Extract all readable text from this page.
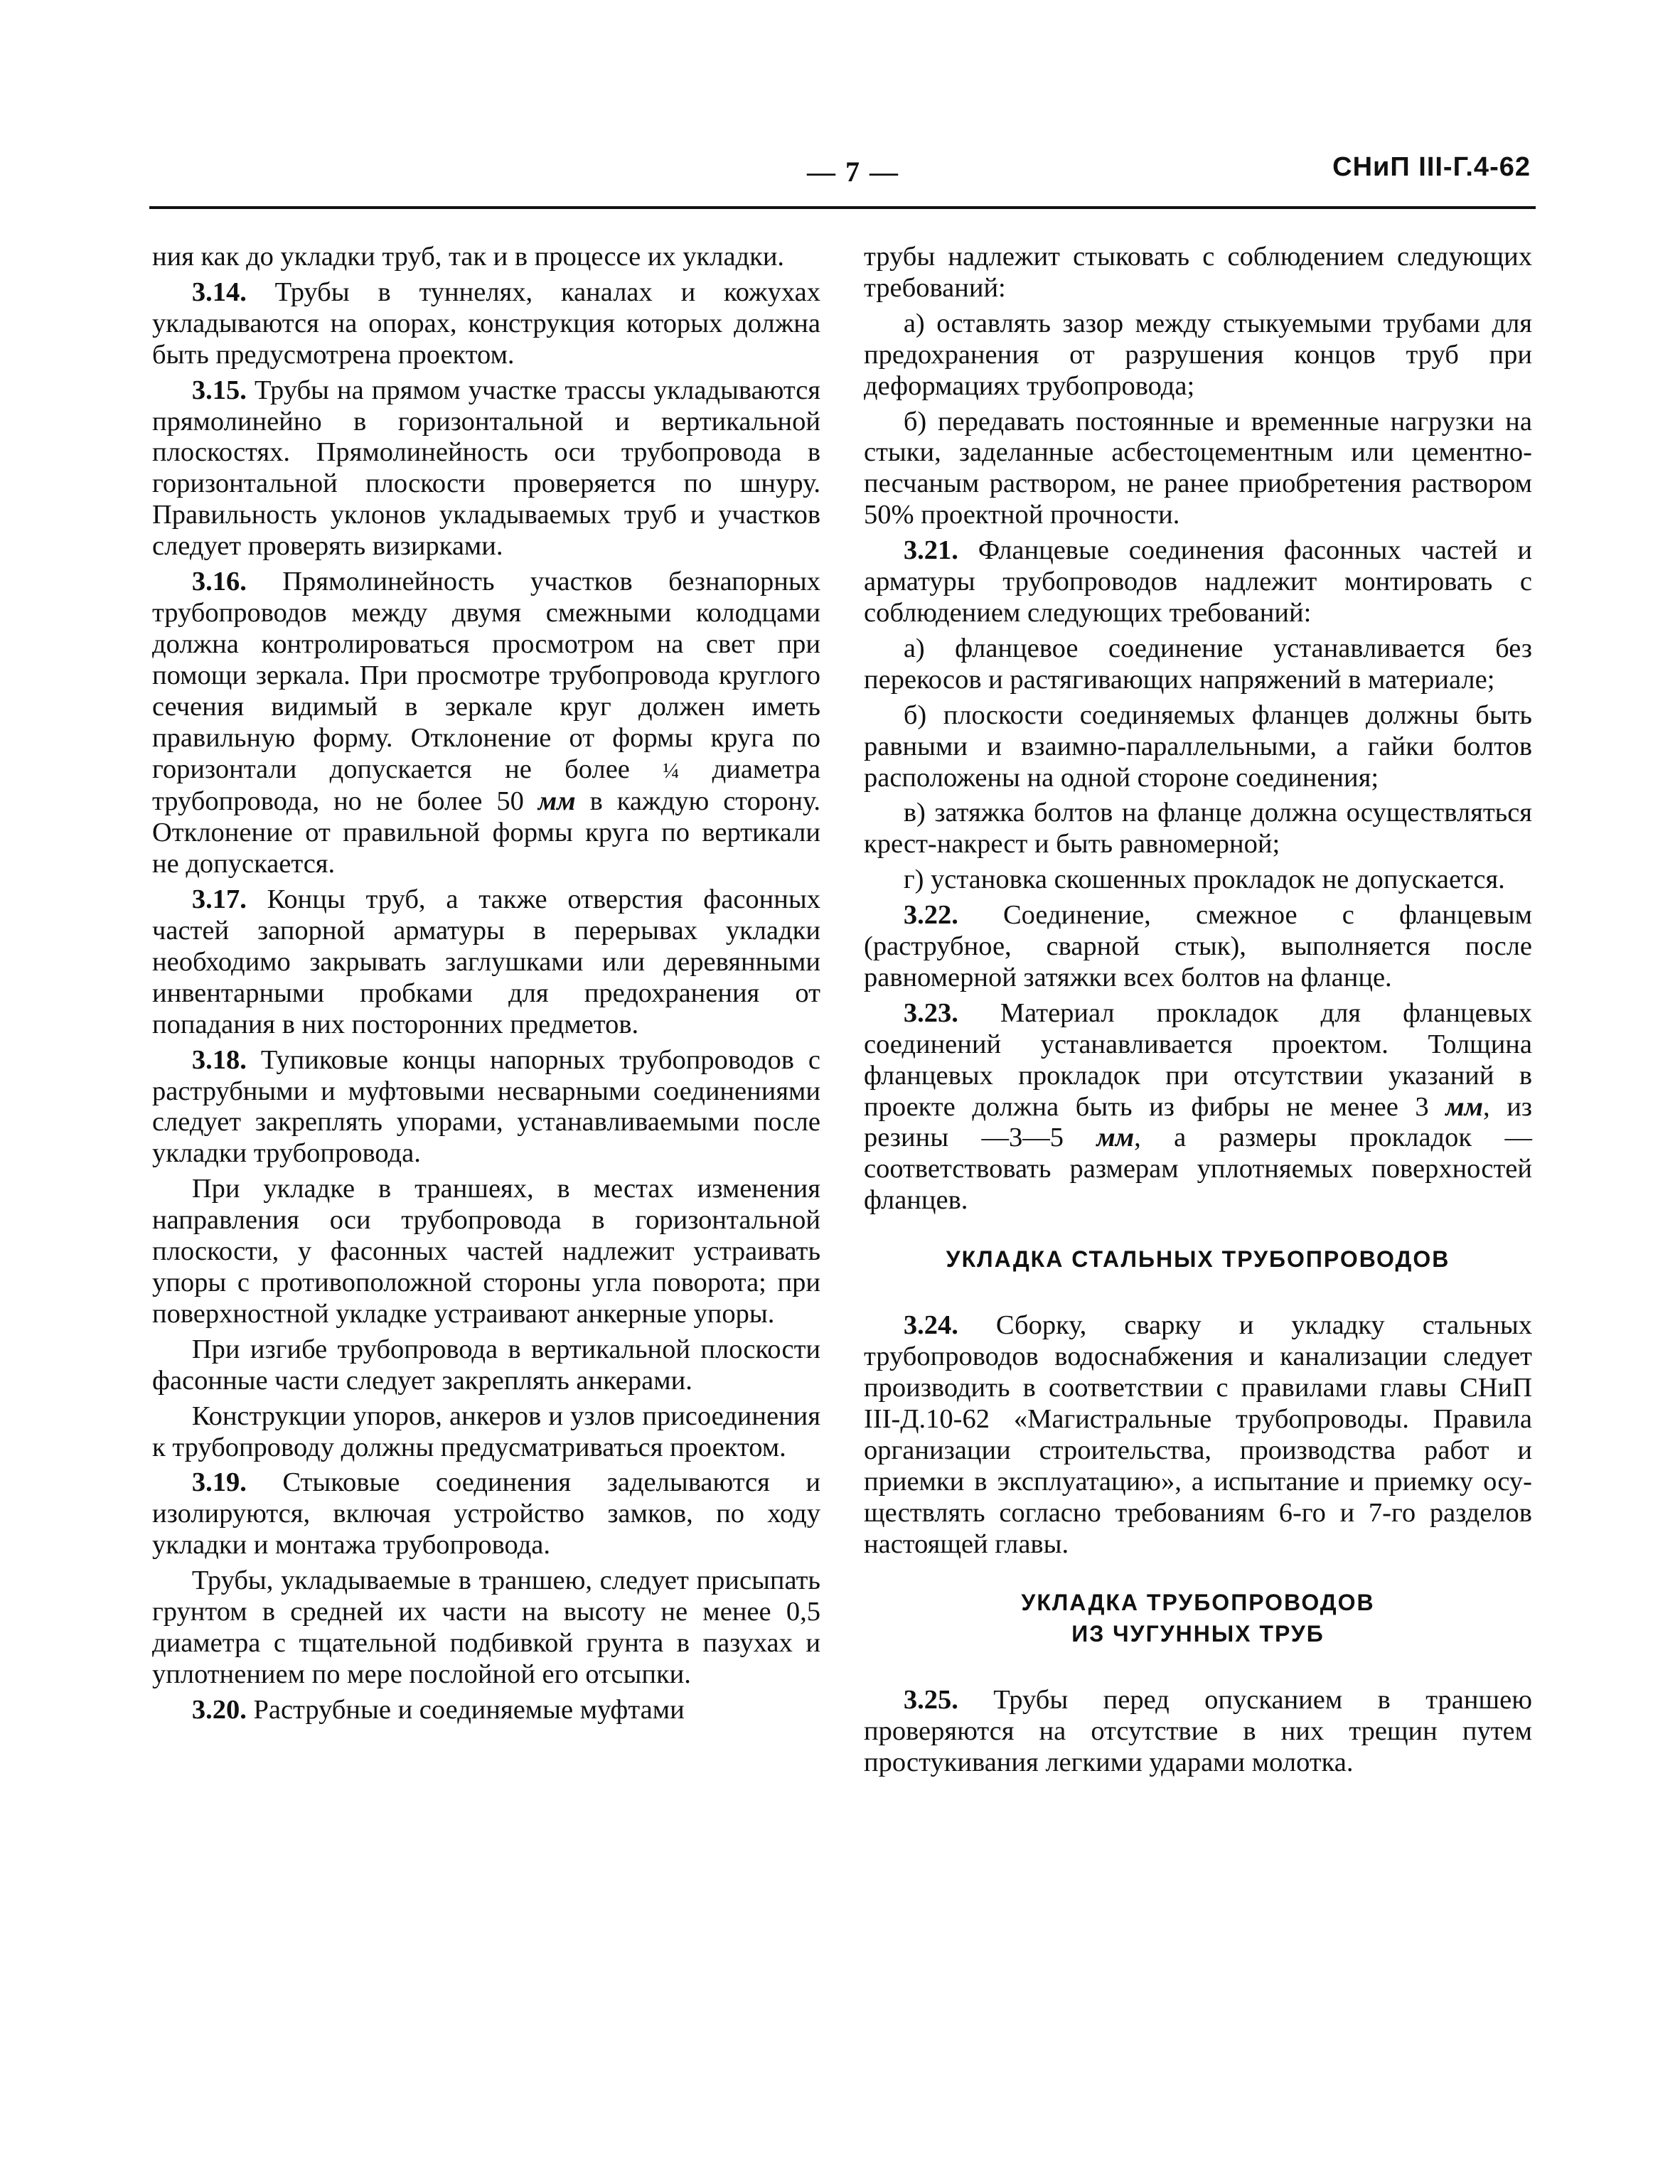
— 7 —	СНиП III-Г.4-62

ния как до укладки труб, так и в процессе их укладки.

3.14. Трубы в туннелях, каналах и кожухах укладываются на опорах, конструкция которых должна быть предусмотрена проектом.

3.15. Трубы на прямом участке трассы укладываются прямолинейно в горизонтальной и вертикальной плоскостях. Прямолинейность оси трубопровода в горизонтальной плоскости проверяется по шнуру. Правильность уклонов укладываемых труб и участков следует проверять визирками.

3.16. Прямолинейность участков безнапорных трубопроводов между двумя смежными колодцами должна контролироваться просмотром на свет при помощи зеркала. При просмотре трубопровода круглого сечения видимый в зеркале круг должен иметь правильную форму. Отклонение от формы круга по горизонтали допускается не более ¼ диаметра трубопровода, но не более 50 мм в каждую сторону. Отклонение от правильной формы круга по вертикали не допускается.

3.17. Концы труб, а также отверстия фасонных частей запорной арматуры в перерывах укладки необходимо закрывать заглушками или деревянными инвентарными пробками для предохранения от попадания в них посторонних предметов.

3.18. Тупиковые концы напорных трубопроводов с раструбными и муфтовыми несварными соединениями следует закреплять упорами, устанавливаемыми после укладки трубопровода.

При укладке в траншеях, в местах изменения направления оси трубопровода в горизонтальной плоскости, у фасонных частей надлежит устраивать упоры с противоположной стороны угла поворота; при поверхностной укладке устраивают анкерные упоры.

При изгибе трубопровода в вертикальной плоскости фасонные части следует закреплять анкерами.

Конструкции упоров, анкеров и узлов присоединения к трубопроводу должны предусматриваться проектом.

3.19. Стыковые соединения заделываются и изолируются, включая устройство замков, по ходу укладки и монтажа трубопровода.

Трубы, укладываемые в траншею, следует присыпать грунтом в средней их части на высоту не менее 0,5 диаметра с тщательной подбивкой грунта в пазухах и уплотнением по мере послойной его отсыпки.

3.20. Раструбные и соединяемые муфтами

трубы надлежит стыковать с соблюдением следующих требований:

а) оставлять зазор между стыкуемыми трубами для предохранения от разрушения концов труб при деформациях трубопровода;

б) передавать постоянные и временные нагрузки на стыки, заделанные асбестоцементным или цементно-песчаным раствором, не ранее приобретения раствором 50% проектной прочности.

3.21. Фланцевые соединения фасонных частей и арматуры трубопроводов надлежит монтировать с соблюдением следующих требований:

а) фланцевое соединение устанавливается без перекосов и растягивающих напряжений в материале;

б) плоскости соединяемых фланцев должны быть равными и взаимно-параллельными, а гайки болтов расположены на одной стороне соединения;

в) затяжка болтов на фланце должна осуществляться крест-накрест и быть равномерной;

г) установка скошенных прокладок не допускается.

3.22. Соединение, смежное с фланцевым (раструбное, сварной стык), выполняется после равномерной затяжки всех болтов на фланце.

3.23. Материал прокладок для фланцевых соединений устанавливается проектом. Толщина фланцевых прокладок при отсутствии указаний в проекте должна быть из фибры не менее 3 мм, из резины —3—5 мм, а размеры прокладок — соответствовать размерам уплотняемых поверхностей фланцев.

УКЛАДКА СТАЛЬНЫХ ТРУБОПРОВОДОВ

3.24. Сборку, сварку и укладку стальных трубопроводов водоснабжения и канализации следует производить в соответствии с правилами главы СНиП III-Д.10-62 «Магистральные трубопроводы. Правила организации строительства, производства работ и приемки в эксплуатацию», а испытание и приемку осуществлять согласно требованиям 6-го и 7-го разделов настоящей главы.

УКЛАДКА ТРУБОПРОВОДОВ
ИЗ ЧУГУННЫХ ТРУБ

3.25. Трубы перед опусканием в траншею проверяются на отсутствие в них трещин путем простукивания легкими ударами молотка.
